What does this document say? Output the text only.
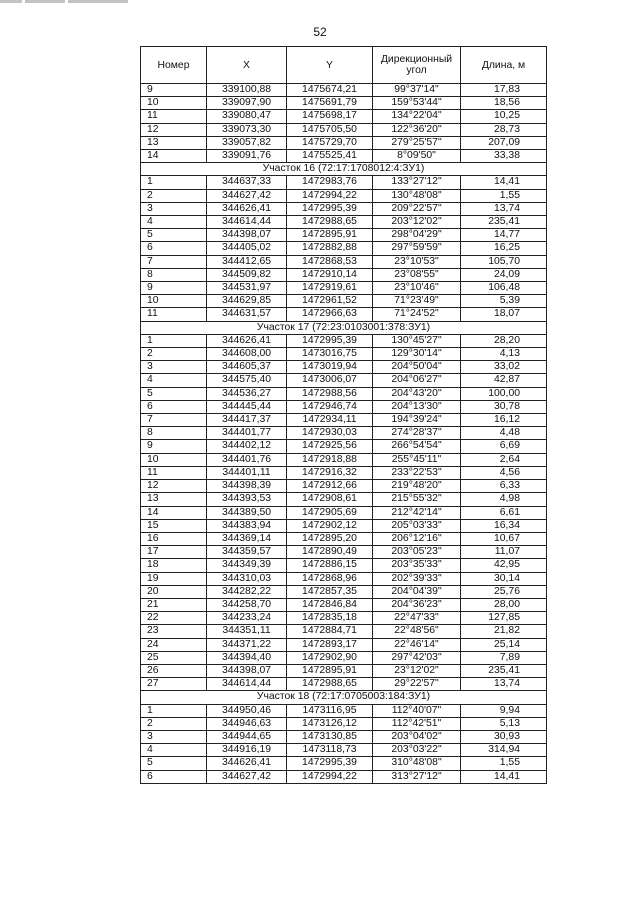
52
Номер	X	Y	Дирекционный угол	Длина, м
9	339100,88	1475674,21	99°37'14"	17,83
10	339097,90	1475691,79	159°53'44"	18,56
11	339080,47	1475698,17	134°22'04"	10,25
12	339073,30	1475705,50	122°36'20"	28,73
13	339057,82	1475729,70	279°25'57"	207,09
14	339091,76	1475525,41	8°09'50"	33,38
Участок 16 (72:17:1708012:4:ЗУ1)				
1	344637,33	1472983,76	133°27'12"	14,41
2	344627,42	1472994,22	130°48'08"	1,55
3	344626,41	1472995,39	209°22'57"	13,74
4	344614,44	1472988,65	203°12'02"	235,41
5	344398,07	1472895,91	298°04'29"	14,77
6	344405,02	1472882,88	297°59'59"	16,25
7	344412,65	1472868,53	23°10'53"	105,70
8	344509,82	1472910,14	23°08'55"	24,09
9	344531,97	1472919,61	23°10'46"	106,48
10	344629,85	1472961,52	71°23'49"	5,39
11	344631,57	1472966,63	71°24'52"	18,07
Участок 17 (72:23:0103001:378:ЗУ1)				
1	344626,41	1472995,39	130°45'27"	28,20
2	344608,00	1473016,75	129°30'14"	4,13
3	344605,37	1473019,94	204°50'04"	33,02
4	344575,40	1473006,07	204°06'27"	42,87
5	344536,27	1472988,56	204°43'20"	100,00
6	344445,44	1472946,74	204°13'30"	30,78
7	344417,37	1472934,11	194°39'24"	16,12
8	344401,77	1472930,03	274°28'37"	4,48
9	344402,12	1472925,56	266°54'54"	6,69
10	344401,76	1472918,88	255°45'11"	2,64
11	344401,11	1472916,32	233°22'53"	4,56
12	344398,39	1472912,66	219°48'20"	6,33
13	344393,53	1472908,61	215°55'32"	4,98
14	344389,50	1472905,69	212°42'14"	6,61
15	344383,94	1472902,12	205°03'33"	16,34
16	344369,14	1472895,20	206°12'16"	10,67
17	344359,57	1472890,49	203°05'23"	11,07
18	344349,39	1472886,15	203°35'33"	42,95
19	344310,03	1472868,96	202°39'33"	30,14
20	344282,22	1472857,35	204°04'39"	25,76
21	344258,70	1472846,84	204°36'23"	28,00
22	344233,24	1472835,18	22°47'33"	127,85
23	344351,11	1472884,71	22°48'56"	21,82
24	344371,22	1472893,17	22°46'14"	25,14
25	344394,40	1472902,90	297°42'03"	7,89
26	344398,07	1472895,91	23°12'02"	235,41
27	344614,44	1472988,65	29°22'57"	13,74
Участок 18 (72:17:0705003:184:ЗУ1)				
1	344950,46	1473116,95	112°40'07"	9,94
2	344946,63	1473126,12	112°42'51"	5,13
3	344944,65	1473130,85	203°04'02"	30,93
4	344916,19	1473118,73	203°03'22"	314,94
5	344626,41	1472995,39	310°48'08"	1,55
6	344627,42	1472994,22	313°27'12"	14,41
